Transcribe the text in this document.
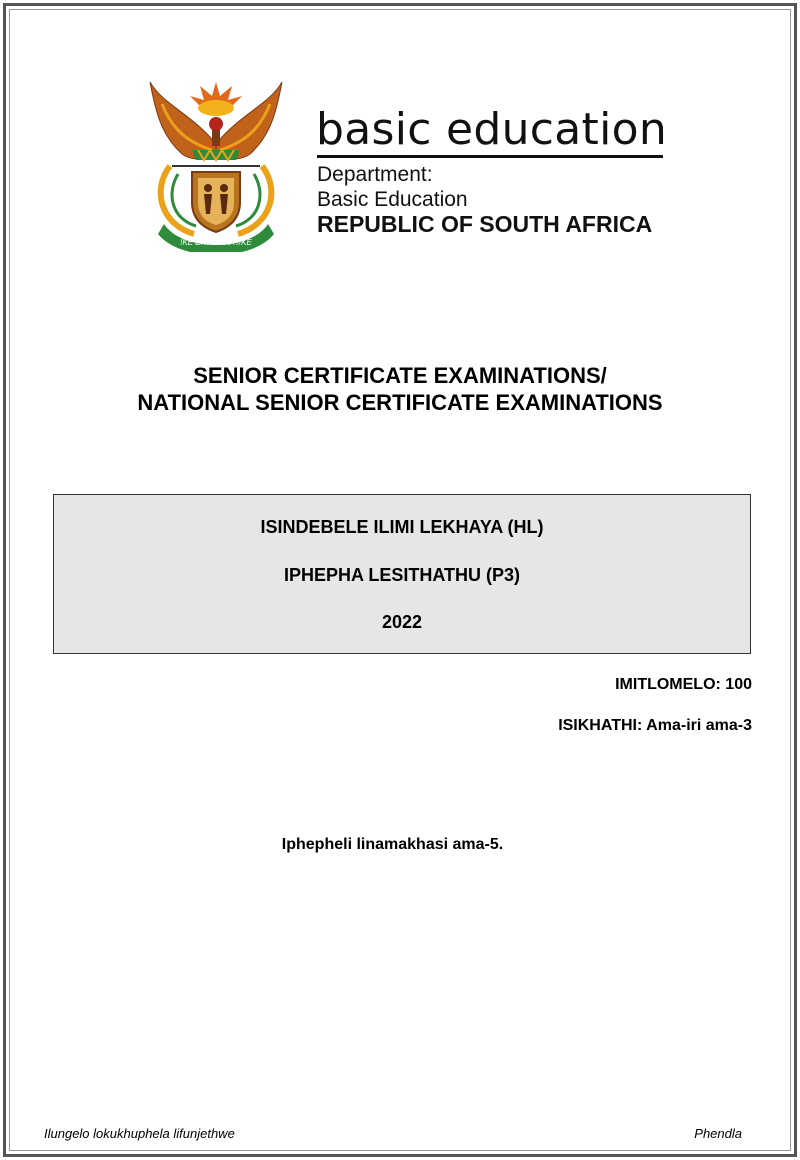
!KE E: /XARRA //KE
basic education
Department:
Basic Education
REPUBLIC OF SOUTH AFRICA
SENIOR CERTIFICATE EXAMINATIONS/
NATIONAL SENIOR CERTIFICATE EXAMINATIONS
ISINDEBELE ILIMI LEKHAYA (HL)
IPHEPHA LESITHATHU (P3)
2022
IMITLOMELO: 100
ISIKHATHI: Ama-iri ama-3
Iphepheli linamakhasi ama-5.
Ilungelo lokukhuphela lifunjethwe	Phendla
